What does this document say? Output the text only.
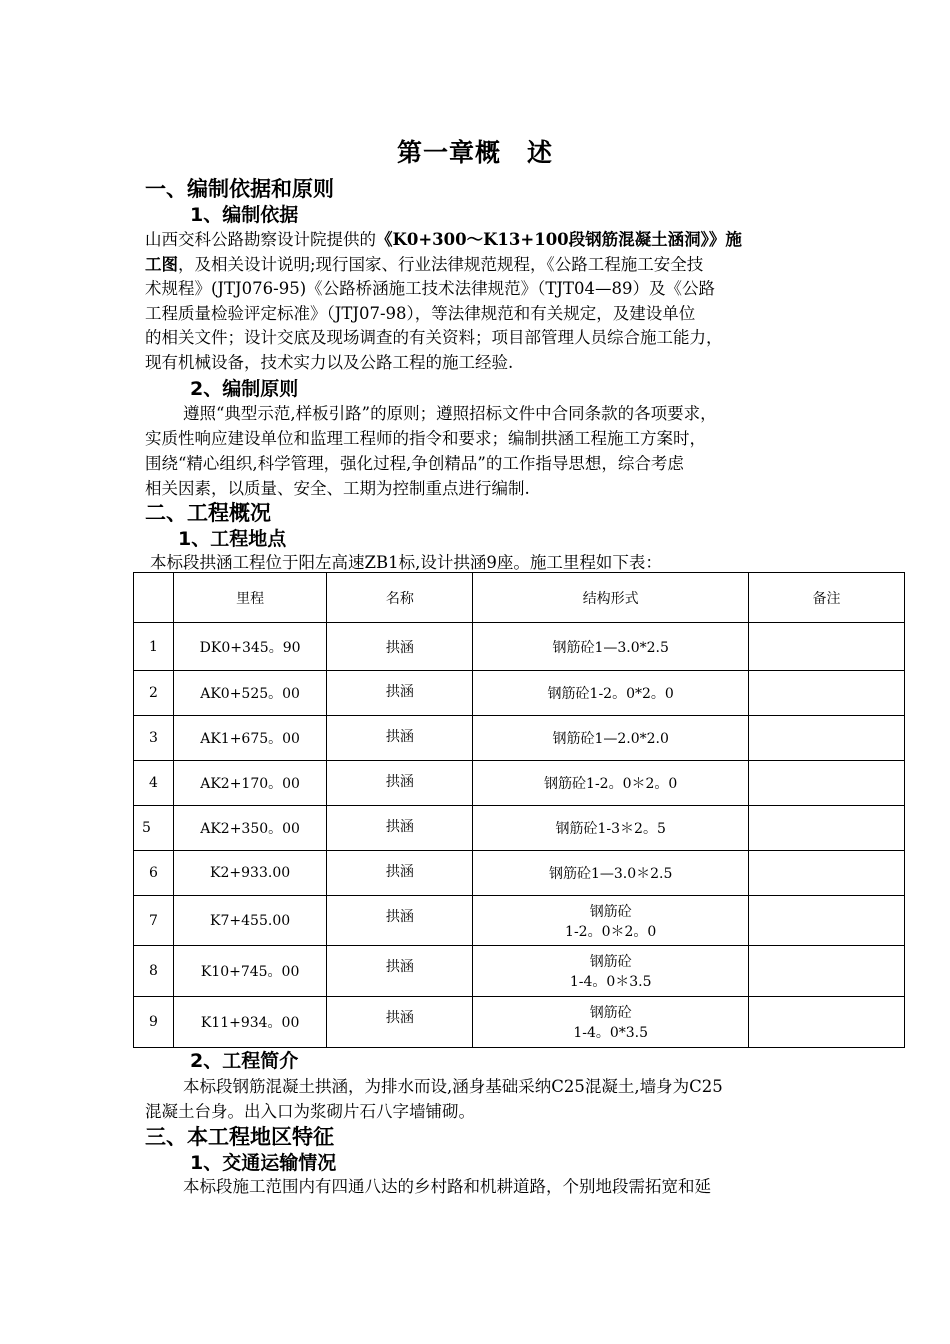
第一章概　述
一、编制依据和原则
1、编制依据
山西交科公路勘察设计院提供的《K0+300～K13+100段钢筋混凝土涵洞》》施
工图，及相关设计说明;现行国家、行业法律规范规程，《公路工程施工安全技
术规程》(JTJ076-95)《公路桥涵施工技术法律规范》（TJT04—89）及《公路
工程质量检验评定标准》（JTJ07-98），等法律规范和有关规定，及建设单位
的相关文件；设计交底及现场调查的有关资料；项目部管理人员综合施工能力，
现有机械设备，技术实力以及公路工程的施工经验.
2、编制原则
遵照“典型示范,样板引路”的原则；遵照招标文件中合同条款的各项要求，
实质性响应建设单位和监理工程师的指令和要求；编制拱涵工程施工方案时，
围绕“精心组织,科学管理，强化过程,争创精品”的工作指导思想，综合考虑
相关因素，以质量、安全、工期为控制重点进行编制.
二、工程概况
1、工程地点
本标段拱涵工程位于阳左高速ZB1标,设计拱涵9座。施工里程如下表：
	里程	名称	结构形式	备注
1	DK0+345。90	拱涵	钢筋砼1—3.0*2.5	
2	AK0+525。00	拱涵	钢筋砼1-2。0*2。0	
3	AK1+675。00	拱涵	钢筋砼1—2.0*2.0	
4	AK2+170。00	拱涵	钢筋砼1-2。0＊2。0	
5	AK2+350。00	拱涵	钢筋砼1-3＊2。5	
6	K2+933.00	拱涵	钢筋砼1—3.0＊2.5	
7	K7+455.00	拱涵	钢筋砼
1-2。0＊2。0	

8	K10+745。00	拱涵	钢筋砼
1-4。0＊3.5	

9	K11+934。00	拱涵	钢筋砼
1-4。0*3.5	

2、工程简介
本标段钢筋混凝土拱涵，为排水而设,涵身基础采纳C25混凝土,墙身为C25
混凝土台身。出入口为浆砌片石八字墙铺砌。
三、本工程地区特征
1、交通运输情况
本标段施工范围内有四通八达的乡村路和机耕道路，个别地段需拓宽和延
